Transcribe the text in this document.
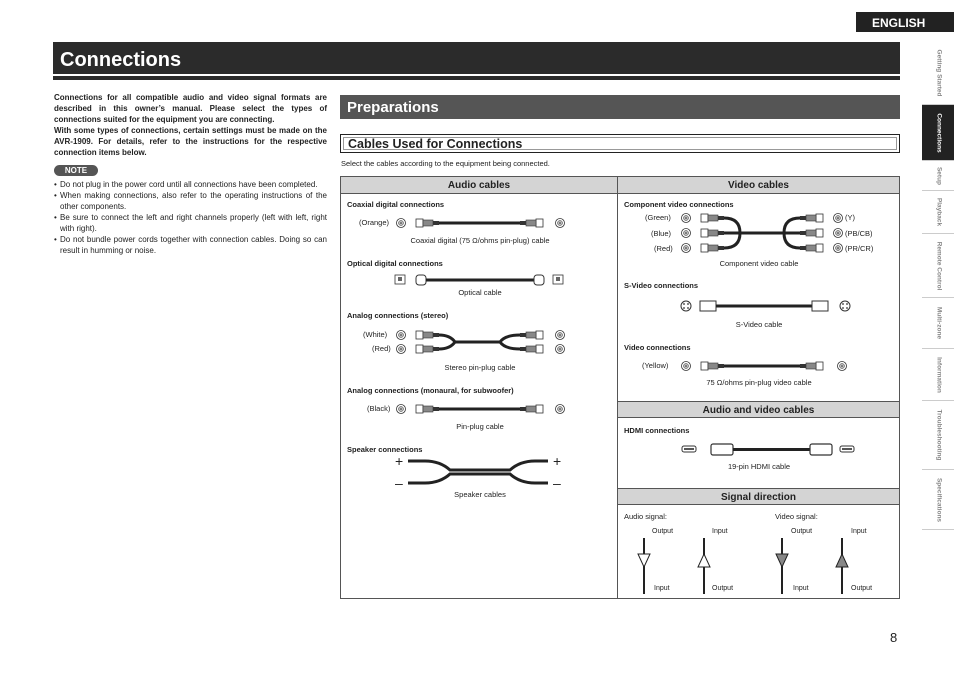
ENGLISH
Connections

Connections for all compatible audio and video signal formats are described in this owner’s manual. Please select the types of connections suited for the equipment you are connecting.

With some types of connections, certain settings must be made on the AVR-1909. For details, refer to the instructions for the respective connection items below.

NOTE
• Do not plug in the power cord until all connections have been completed.
• When making connections, also refer to the operating instructions of the other components.
• Be sure to connect the left and right channels properly (left with left, right with right).
• Do not bundle power cords together with connection cables. Doing so can result in humming or noise.
Preparations
Cables Used for Connections
Select the cables according to the equipment being connected.
Audio cables	Video cables
Audio and video cables
Signal direction
Coaxial digital connections
(Orange)
Coaxial digital (75 Ω/ohms pin-plug) cable
Optical digital connections
Optical cable
Analog connections (stereo)
(White)
(Red)
Stereo pin-plug cable
Analog connections (monaural, for subwoofer)
(Black)
Pin-plug cable
Speaker connections
+
–
+
–
Speaker cables
Component video connections
(Green)
(Blue)
(Red)
(Y)
(PB/CB)
(PR/CR)
Component video cable
S-Video connections
S-Video cable
Video connections
(Yellow)
75 Ω/ohms pin-plug video cable
HDMI connections
19-pin HDMI cable
Audio signal:	Video signal:
Output	Input	Output	Input
Input	Output	Input	Output
Getting Started
Connections
Setup
Playback
Remote Control
Multi-zone
Information
Troubleshooting
Specifications
8
